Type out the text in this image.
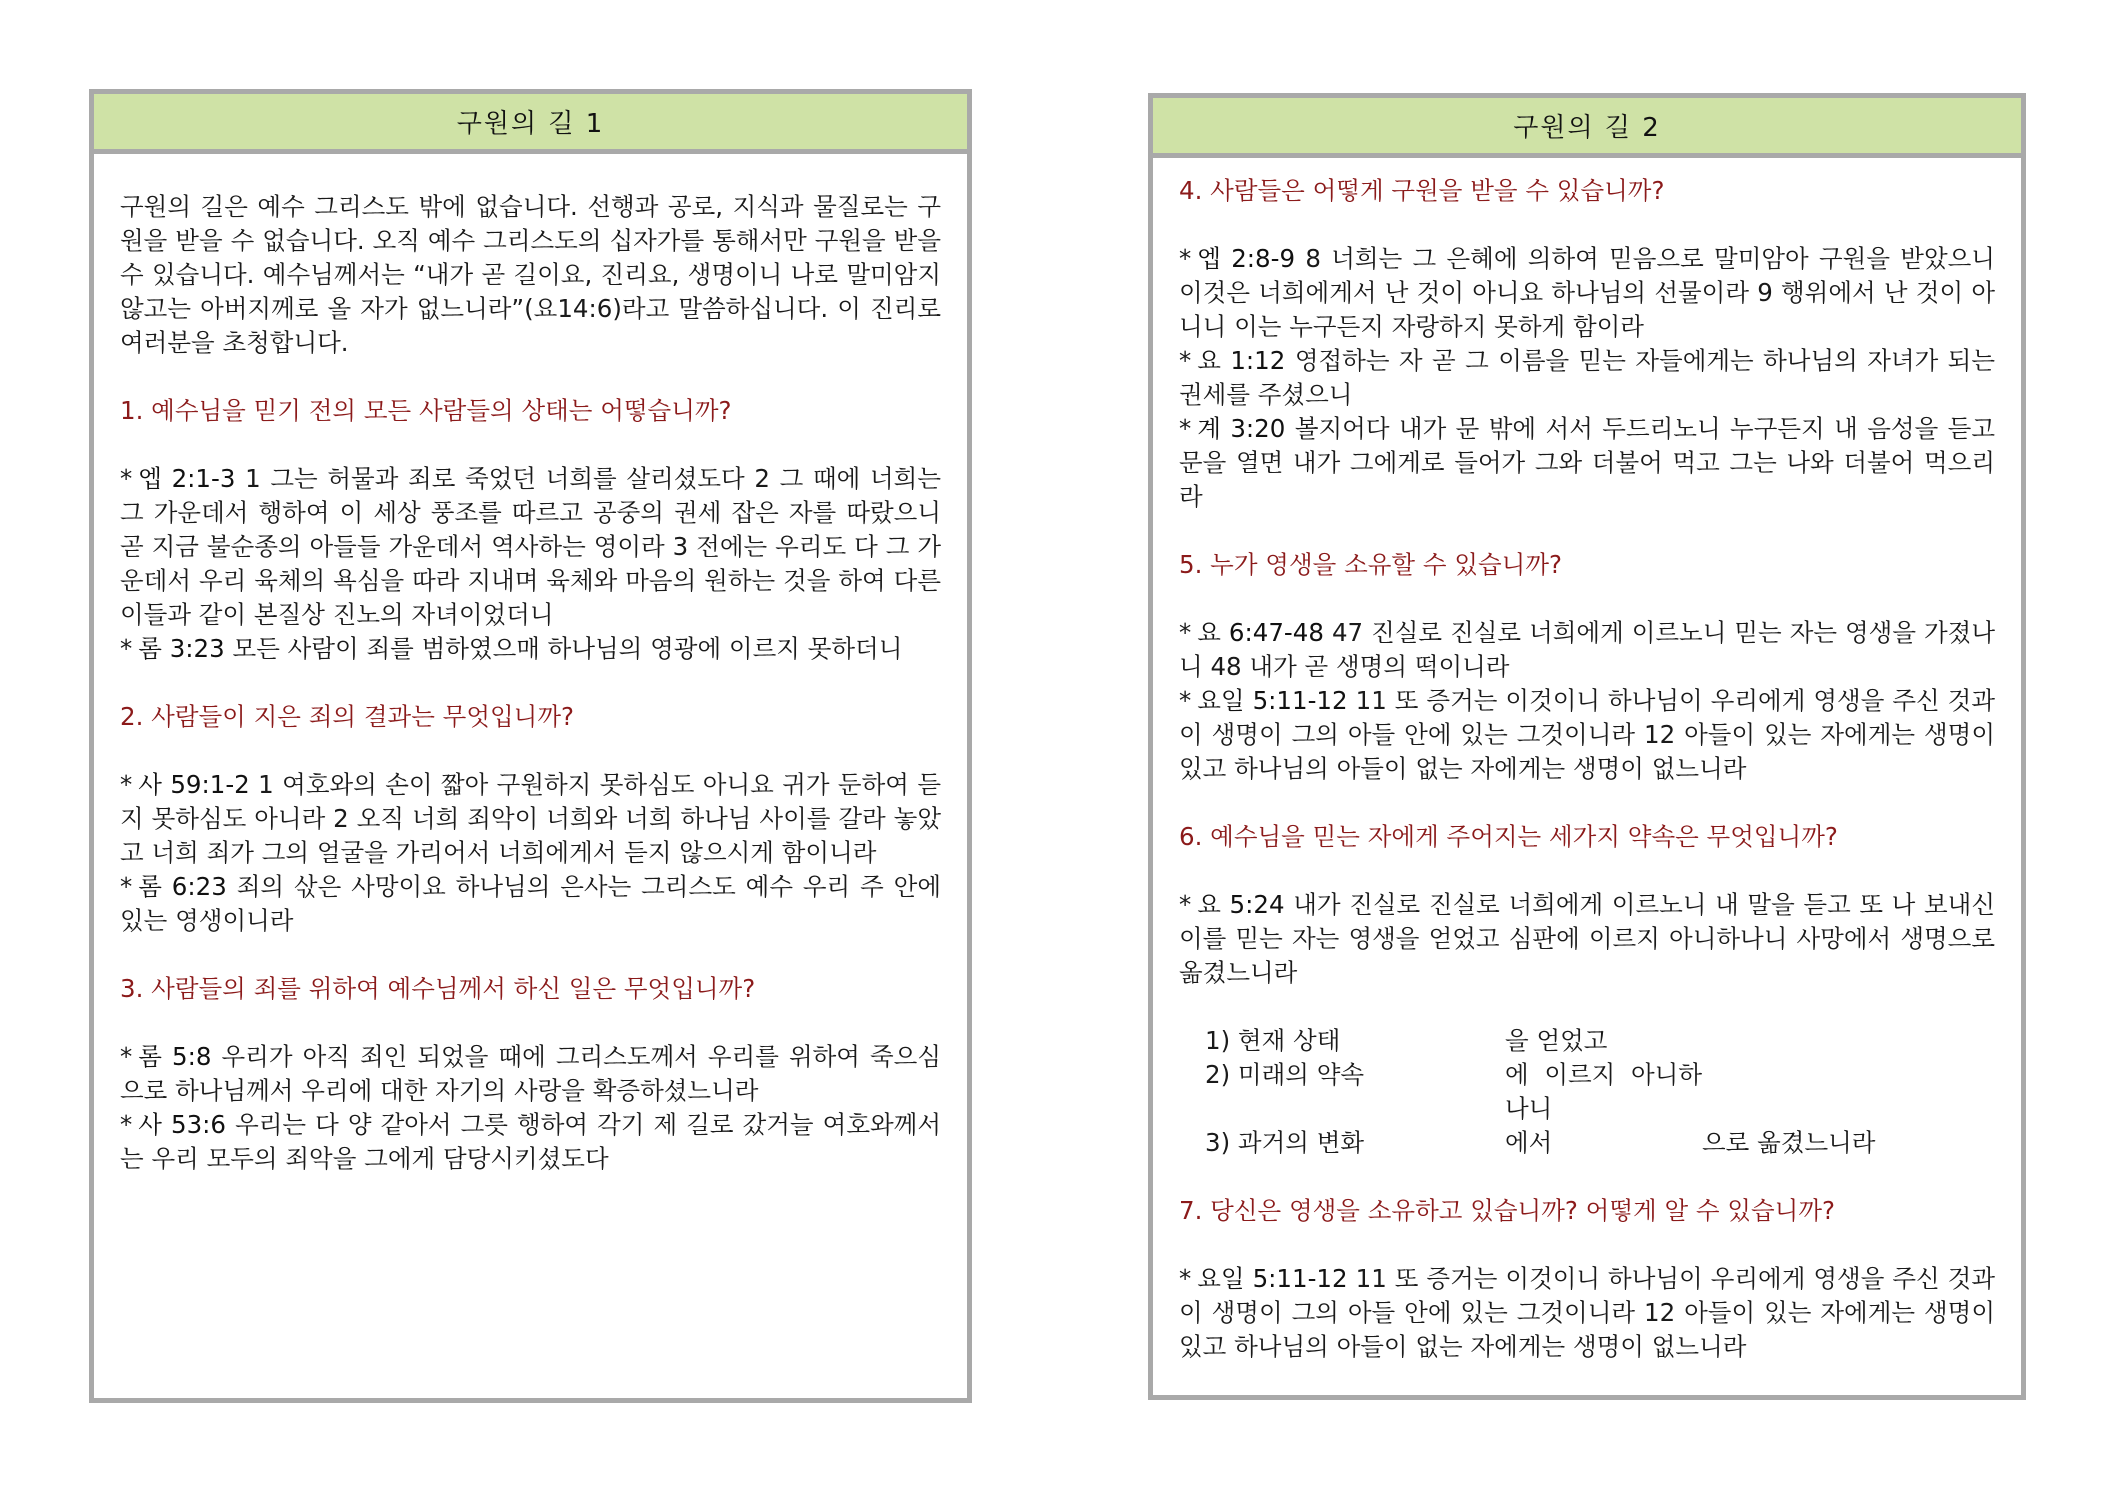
구원의 길 1

구원의 길은 예수 그리스도 밖에 없습니다. 선행과 공로, 지식과 물질로는 구원을 받을 수 없습니다. 오직 예수 그리스도의 십자가를 통해서만 구원을 받을 수 있습니다. 예수님께서는 “내가 곧 길이요, 진리요, 생명이니 나로 말미암지 않고는 아버지께로 올 자가 없느니라”(요14:6)라고 말씀하십니다. 이 진리로 여러분을 초청합니다.

1. 예수님을 믿기 전의 모든 사람들의 상태는 어떻습니까?

* 엡 2:1-3 1 그는 허물과 죄로 죽었던 너희를 살리셨도다 2 그 때에 너희는 그 가운데서 행하여 이 세상 풍조를 따르고 공중의 권세 잡은 자를 따랐으니 곧 지금 불순종의 아들들 가운데서 역사하는 영이라 3 전에는 우리도 다 그 가운데서 우리 육체의 욕심을 따라 지내며 육체와 마음의 원하는 것을 하여 다른 이들과 같이 본질상 진노의 자녀이었더니

* 롬 3:23 모든 사람이 죄를 범하였으매 하나님의 영광에 이르지 못하더니

2. 사람들이 지은 죄의 결과는 무엇입니까?

* 사 59:1-2 1 여호와의 손이 짧아 구원하지 못하심도 아니요 귀가 둔하여 듣지 못하심도 아니라 2 오직 너희 죄악이 너희와 너희 하나님 사이를 갈라 놓았고 너희 죄가 그의 얼굴을 가리어서 너희에게서 듣지 않으시게 함이니라

* 롬 6:23 죄의 삯은 사망이요 하나님의 은사는 그리스도 예수 우리 주 안에 있는 영생이니라

3. 사람들의 죄를 위하여 예수님께서 하신 일은 무엇입니까?

* 롬 5:8 우리가 아직 죄인 되었을 때에 그리스도께서 우리를 위하여 죽으심으로 하나님께서 우리에 대한 자기의 사랑을 확증하셨느니라

* 사 53:6 우리는 다 양 같아서 그릇 행하여 각기 제 길로 갔거늘 여호와께서는 우리 모두의 죄악을 그에게 담당시키셨도다

구원의 길 2

4. 사람들은 어떻게 구원을 받을 수 있습니까?

* 엡 2:8-9 8 너희는 그 은혜에 의하여 믿음으로 말미암아 구원을 받았으니 이것은 너희에게서 난 것이 아니요 하나님의 선물이라 9 행위에서 난 것이 아니니 이는 누구든지 자랑하지 못하게 함이라

* 요 1:12 영접하는 자 곧 그 이름을 믿는 자들에게는 하나님의 자녀가 되는 권세를 주셨으니

* 계 3:20 볼지어다 내가 문 밖에 서서 두드리노니 누구든지 내 음성을 듣고 문을 열면 내가 그에게로 들어가 그와 더불어 먹고 그는 나와 더불어 먹으리라

5. 누가 영생을 소유할 수 있습니까?

* 요 6:47-48 47 진실로 진실로 너희에게 이르노니 믿는 자는 영생을 가졌나니 48 내가 곧 생명의 떡이니라

* 요일 5:11-12 11 또 증거는 이것이니 하나님이 우리에게 영생을 주신 것과 이 생명이 그의 아들 안에 있는 그것이니라 12 아들이 있는 자에게는 생명이 있고 하나님의 아들이 없는 자에게는 생명이 없느니라

6. 예수님을 믿는 자에게 주어지는 세가지 약속은 무엇입니까?

* 요 5:24 내가 진실로 진실로 너희에게 이르노니 내 말을 듣고 또 나 보내신 이를 믿는 자는 영생을 얻었고 심판에 이르지 아니하나니 사망에서 생명으로 옮겼느니라

1) 현재 상태	을 얻었고
2) 미래의 약속	에 이르지 아니하나니
3) 과거의 변화	에서	으로 옮겼느니라

7. 당신은 영생을 소유하고 있습니까? 어떻게 알 수 있습니까?

* 요일 5:11-12 11 또 증거는 이것이니 하나님이 우리에게 영생을 주신 것과 이 생명이 그의 아들 안에 있는 그것이니라 12 아들이 있는 자에게는 생명이 있고 하나님의 아들이 없는 자에게는 생명이 없느니라
